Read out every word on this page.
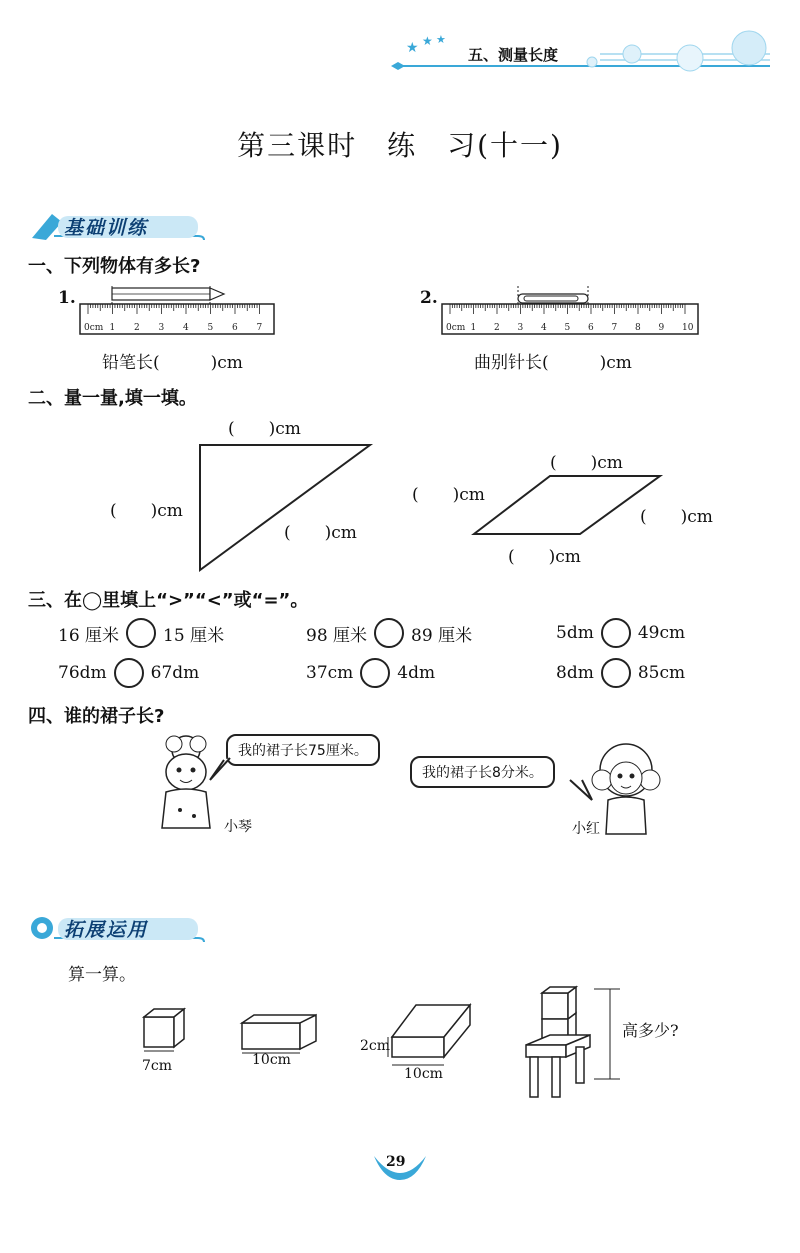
★ ★ ★
五、测量长度
第三课时　练　习(十一)
基础训练
一、下列物体有多长?
1.
0cm 1 2 3 4 5 6 7
铅笔长(　　　)cm
2.
0cm 1 2 3 4 5 6 7 8 9 10
曲别针长(　　　)cm
二、量一量,填一填。
(　　)cm
(　　)cm
(　　)cm
(　　)cm
(　　)cm
(　　)cm
(　　)cm
三、在◯里填上“>”“<”或“=”。
16 厘米	15 厘米	98 厘米	89 厘米	5dm	49cm
76dm	67dm	37cm	4dm	8dm	85cm
四、谁的裙子长?
我的裙子长75厘米。
小琴
我的裙子长8分米。
小红
拓展运用
算一算。
7cm	10cm
2cm
10cm
高多少?
29
